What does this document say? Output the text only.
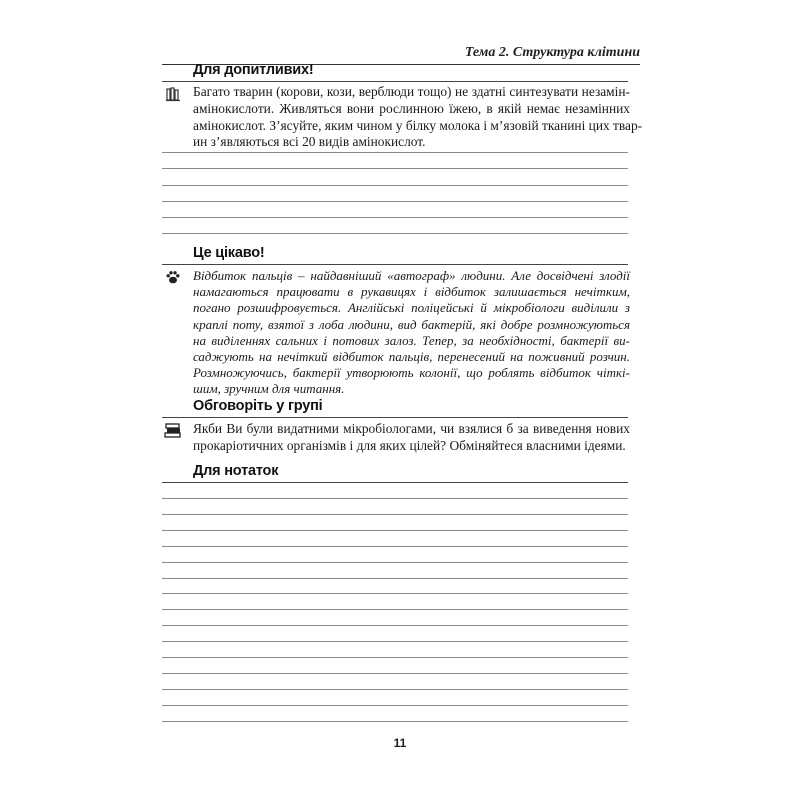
Тема 2. Структура клітини
Для допитливих!
Багато тварин (корови, кози, верблюди тощо) не здатні синтезувати незамін-
амінокислоти. Живляться вони рослинною їжею, в якій немає незамінних
амінокислот. З’ясуйте, яким чином у білку молока і м’язовій тканині цих твар-
ин з’являються всі 20 видів амінокислот.
Це цікаво!
Відбиток пальців – найдавніший «автограф» людини. Але досвідчені злодії
намагаються працювати в рукавицях і відбиток залишається нечітким,
погано розшифровується. Англійські поліцейські й мікробіологи виділили з
краплі поту, взятої з лоба людини, вид бактерій, які добре розмножуються
на виділеннях сальних і потових залоз. Тепер, за необхідності, бактерії ви-
саджують на нечіткий відбиток пальців, перенесений на поживний розчин.
Розмножуючись, бактерії утворюють колонії, що роблять відбиток чіткі-
шим, зручним для читання.
Обговоріть у групі
Якби Ви були видатними мікробіологами, чи взялися б за виведення нових
прокаріотичних організмів і для яких цілей? Обміняйтеся власними ідеями.
Для нотаток
11
